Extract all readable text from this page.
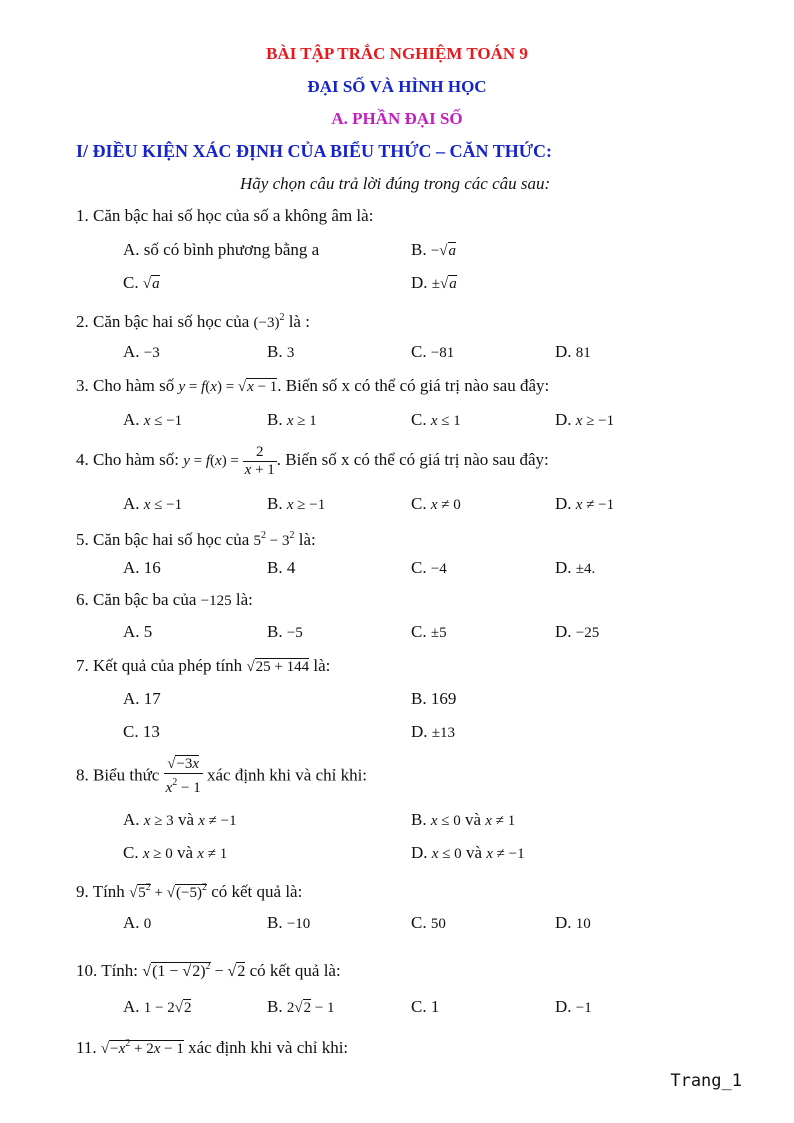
BÀI TẬP TRẮC NGHIỆM TOÁN 9
ĐẠI SỐ VÀ HÌNH HỌC
A. PHẦN ĐẠI SỐ
I/ ĐIỀU KIỆN XÁC ĐỊNH CỦA BIỂU THỨC – CĂN THỨC:
Hãy chọn câu trả lời đúng trong các câu sau:
1. Căn bậc hai số học của số a không âm là:
A. số có bình phương bằng a	B. −√a
C. √a	D. ±√a
2. Căn bậc hai số học của $(-3)^2$ là :
A. −3	B. 3	C. −81	D. 81
3. Cho hàm số y = f(x) = √x − 1. Biến số x có thể có giá trị nào sau đây:
A. x ≤ −1	B. x ≥ 1	C. x ≤ 1	D. x ≥ −1
4. Cho hàm số: $y = f(x) = \frac{2}{x + 1}$ . Biến số x có thể có giá trị nào sau đây:
A. x ≤ −1	B. x ≥ −1	C. x ≠ 0	D. x ≠ −1
5. Căn bậc hai số học của $5^2 - 3^2$ là:
A. 16	B. 4	C. −4	D. ±4.
6. Căn bậc ba của −125 là:
A. 5	B. −5	C. ±5	D. −25
7. Kết quả của phép tính √25 + 144 là:
A. 17	B. 169
C. 13	D. ±13
8. Biểu thức $\frac{√-3x}{x^2 - 1}$ xác định khi và chỉ khi:
A. x ≥ 3 và x ≠ −1	B. x ≤ 0 và x ≠ 1
C. x ≥ 0 và x ≠ 1	D. x ≤ 0 và x ≠ −1
9. Tính $√5^2 + √(-5)^2$ có kết quả là:
A. 0	B. −10	C. 50	D. 10
10. Tính: $√(1 - √2)^2 - √2$ có kết quả là:
A. 1 − 2√2	B. 2√2 − 1	C. 1	D. −1
11. $√-x^2 + 2x - 1$ xác định khi và chỉ khi:
Trang_1
